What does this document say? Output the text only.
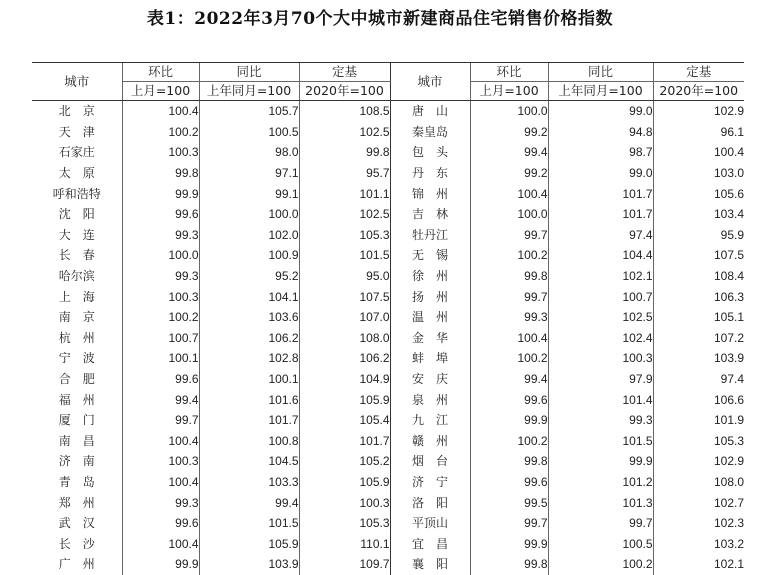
表1：2022年3月70个大中城市新建商品住宅销售价格指数
城市	环比	同比	定基	城市	环比	同比	定基
	上月=100	上年同月=100	2020年=100		上月=100	上年同月=100	2020年=100
北　京	100.4	105.7	108.5	唐　山	100.0	99.0	102.9
天　津	100.2	100.5	102.5	秦皇岛	99.2	94.8	96.1
石家庄	100.3	98.0	99.8	包　头	99.4	98.7	100.4
太　原	99.8	97.1	95.7	丹　东	99.2	99.0	103.0
呼和浩特	99.9	99.1	101.1	锦　州	100.4	101.7	105.6
沈　阳	99.6	100.0	102.5	吉　林	100.0	101.7	103.4
大　连	99.3	102.0	105.3	牡丹江	99.7	97.4	95.9
长　春	100.0	100.9	101.5	无　锡	100.2	104.4	107.5
哈尔滨	99.3	95.2	95.0	徐　州	99.8	102.1	108.4
上　海	100.3	104.1	107.5	扬　州	99.7	100.7	106.3
南　京	100.2	103.6	107.0	温　州	99.3	102.5	105.1
杭　州	100.7	106.2	108.0	金　华	100.4	102.4	107.2
宁　波	100.1	102.8	106.2	蚌　埠	100.2	100.3	103.9
合　肥	99.6	100.1	104.9	安　庆	99.4	97.9	97.4
福　州	99.4	101.6	105.9	泉　州	99.6	101.4	106.6
厦　门	99.7	101.7	105.4	九　江	99.9	99.3	101.9
南　昌	100.4	100.8	101.7	赣　州	100.2	101.5	105.3
济　南	100.3	104.5	105.2	烟　台	99.8	99.9	102.9
青　岛	100.4	103.3	105.9	济　宁	99.6	101.2	108.0
郑　州	99.3	99.4	100.3	洛　阳	99.5	101.3	102.7
武　汉	99.6	101.5	105.3	平顶山	99.7	99.7	102.3
长　沙	100.4	105.9	110.1	宜　昌	99.9	100.5	103.2
广　州	99.9	103.9	109.7	襄　阳	99.8	100.2	102.1
